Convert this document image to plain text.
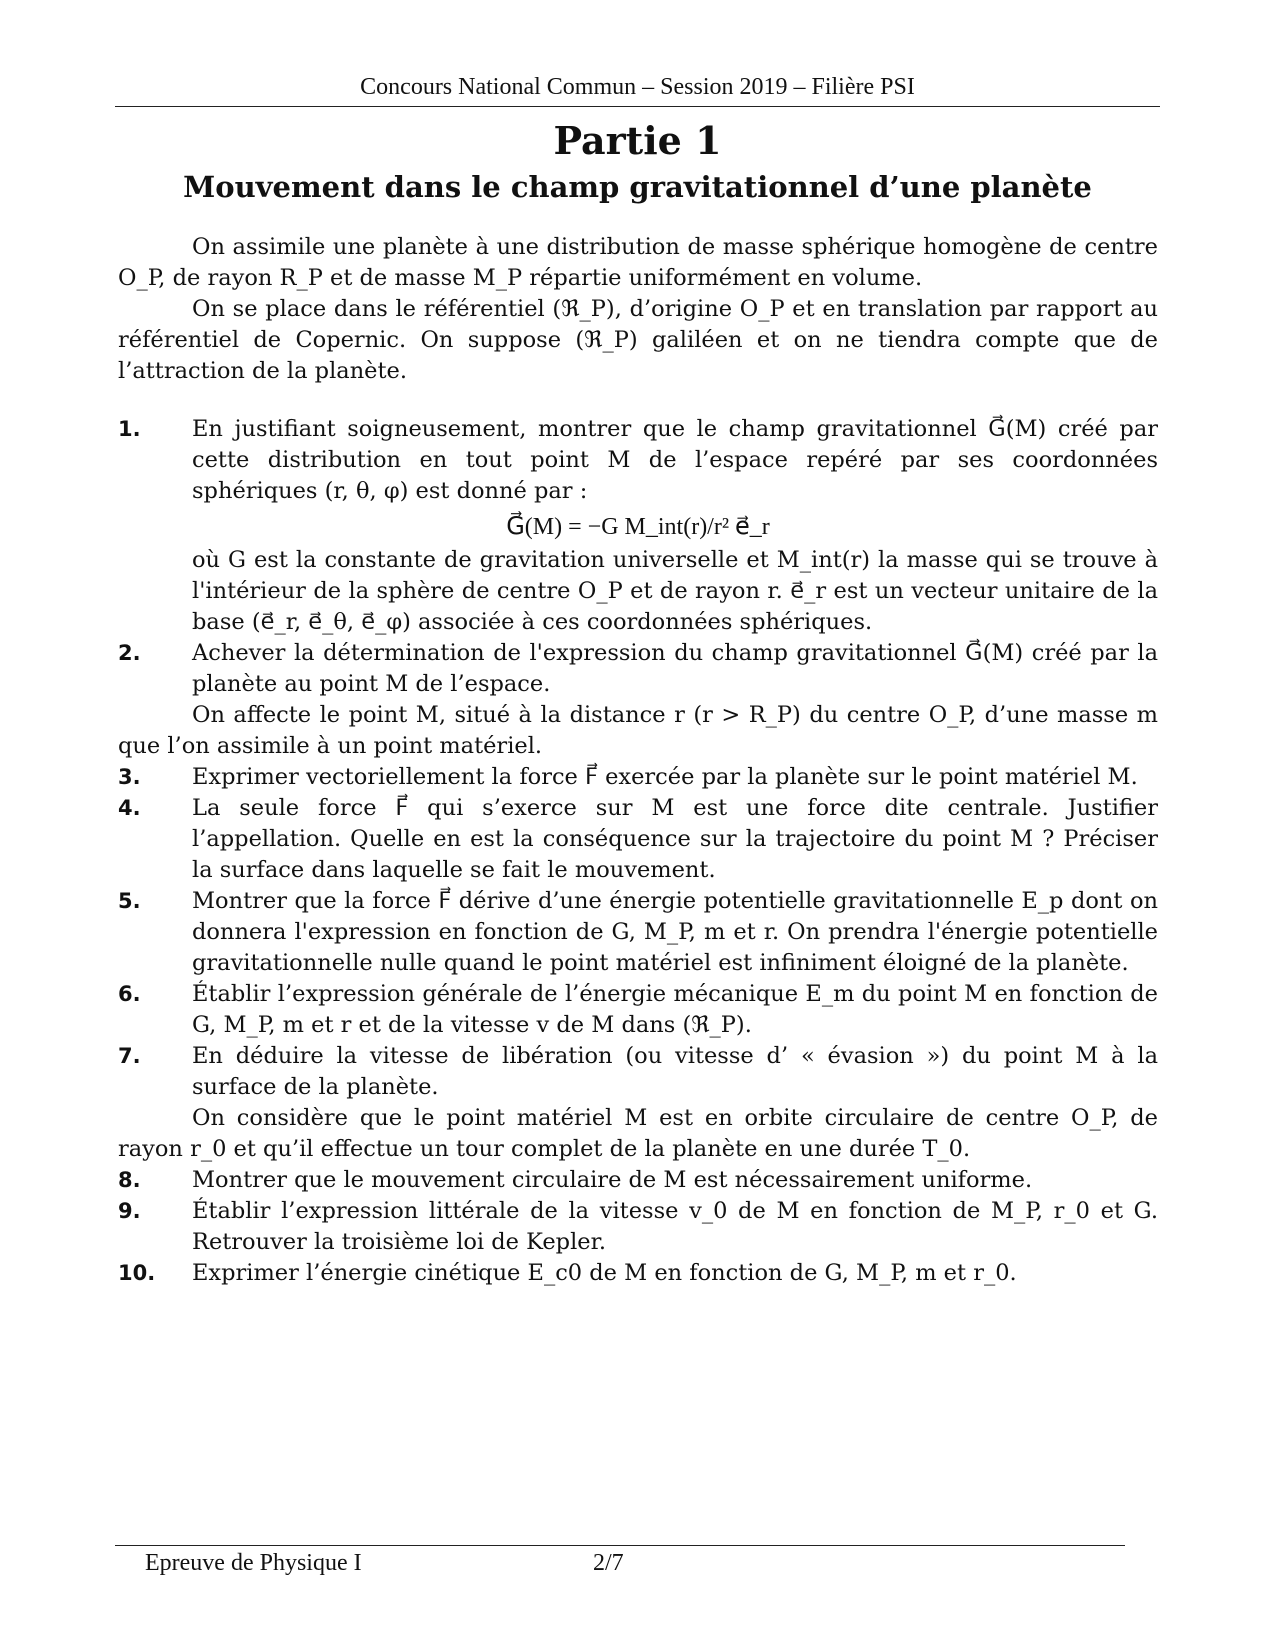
Concours National Commun – Session 2019 – Filière PSI
Partie 1
Mouvement dans le champ gravitationnel d’une planète

On assimile une planète à une distribution de masse sphérique homogène de centre O_P, de rayon R_P et de masse M_P répartie uniformément en volume.

On se place dans le référentiel (ℜ_P), d’origine O_P et en translation par rapport au référentiel de Copernic. On suppose (ℜ_P) galiléen et on ne tiendra compte que de l’attraction de la planète.

1.	En justifiant soigneusement, montrer que le champ gravitationnel G⃗(M) créé par cette distribution en tout point M de l’espace repéré par ses coordonnées sphériques (r, θ, φ) est donné par :
G⃗(M) = −G M_int(r)/r² e⃗_r
où G est la constante de gravitation universelle et M_int(r) la masse qui se trouve à l'intérieur de la sphère de centre O_P et de rayon r. e⃗_r est un vecteur unitaire de la base (e⃗_r, e⃗_θ, e⃗_φ) associée à ces coordonnées sphériques.
2.	Achever la détermination de l'expression du champ gravitationnel G⃗(M) créé par la planète au point M de l’espace.

On affecte le point M, situé à la distance r (r > R_P) du centre O_P, d’une masse m que l’on assimile à un point matériel.

3.	Exprimer vectoriellement la force F⃗ exercée par la planète sur le point matériel M.
4.	La seule force F⃗ qui s’exerce sur M est une force dite centrale. Justifier l’appellation. Quelle en est la conséquence sur la trajectoire du point M ? Préciser la surface dans laquelle se fait le mouvement.
5.	Montrer que la force F⃗ dérive d’une énergie potentielle gravitationnelle E_p dont on donnera l'expression en fonction de G, M_P, m et r. On prendra l'énergie potentielle gravitationnelle nulle quand le point matériel est infiniment éloigné de la planète.
6.	Établir l’expression générale de l’énergie mécanique E_m du point M en fonction de G, M_P, m et r et de la vitesse v de M dans (ℜ_P).
7.	En déduire la vitesse de libération (ou vitesse d’ « évasion ») du point M à la surface de la planète.

On considère que le point matériel M est en orbite circulaire de centre O_P, de rayon r_0 et qu’il effectue un tour complet de la planète en une durée T_0.

8.	Montrer que le mouvement circulaire de M est nécessairement uniforme.
9.	Établir l’expression littérale de la vitesse v_0 de M en fonction de M_P, r_0 et G. Retrouver la troisième loi de Kepler.
10.	Exprimer l’énergie cinétique E_c0 de M en fonction de G, M_P, m et r_0.
Epreuve de Physique I	2/7
